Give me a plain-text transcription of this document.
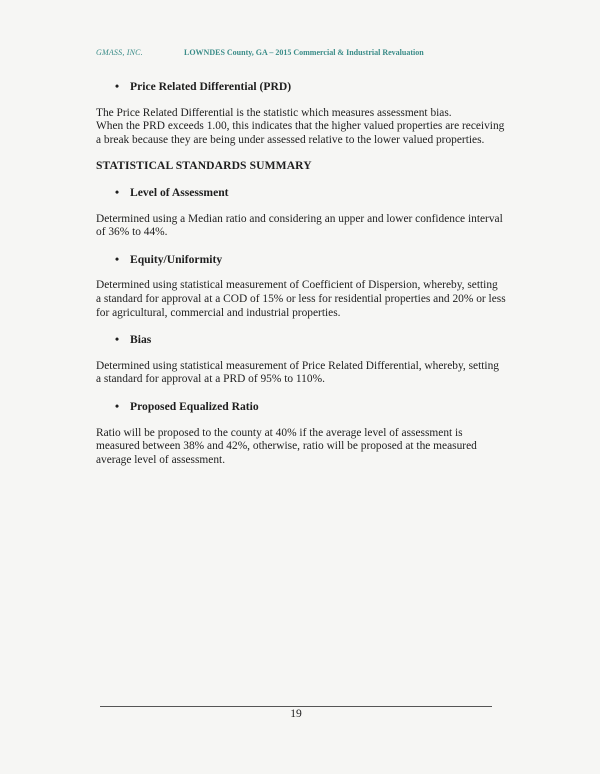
GMASS, INC.	LOWNDES County, GA – 2015 Commercial & Industrial Revaluation
• Price Related Differential (PRD)
The Price Related Differential is the statistic which measures assessment bias.
When the PRD exceeds 1.00, this indicates that the higher valued properties are receiving
a break because they are being under assessed relative to the lower valued properties.
STATISTICAL STANDARDS SUMMARY
• Level of Assessment
Determined using a Median ratio and considering an upper and lower confidence interval
of 36% to 44%.
• Equity/Uniformity
Determined using statistical measurement of Coefficient of Dispersion, whereby, setting
a standard for approval at a COD of 15% or less for residential properties and 20% or less
for agricultural, commercial and industrial properties.
• Bias
Determined using statistical measurement of Price Related Differential, whereby, setting
a standard for approval at a PRD of 95% to 110%.
• Proposed Equalized Ratio
Ratio will be proposed to the county at 40% if the average level of assessment is
measured between 38% and 42%, otherwise, ratio will be proposed at the measured
average level of assessment.
19
